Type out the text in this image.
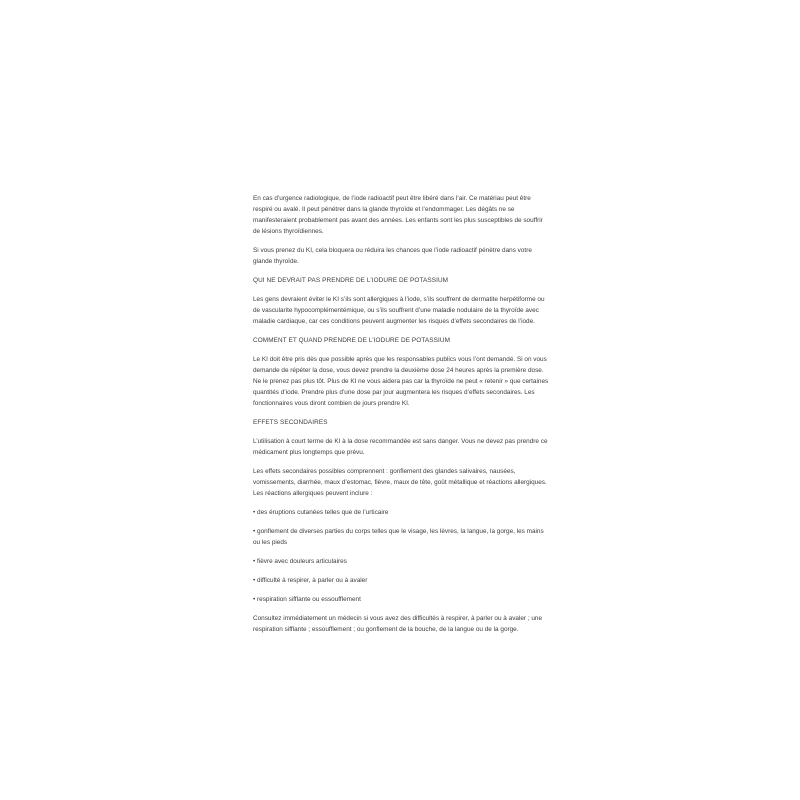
En cas d’urgence radiologique, de l’iode radioactif peut être libéré dans l’air. Ce matériau peut être respiré ou avalé. Il peut pénétrer dans la glande thyroïde et l’endommager. Les dégâts ne se manifesteraient probablement pas avant des années. Les enfants sont les plus susceptibles de souffrir de lésions thyroïdiennes.

Si vous prenez du KI, cela bloquera ou réduira les chances que l’iode radioactif pénètre dans votre glande thyroïde.

QUI NE DEVRAIT PAS PRENDRE DE L’IODURE DE POTASSIUM

Les gens devraient éviter le KI s’ils sont allergiques à l’iode, s’ils souffrent de dermatite herpétiforme ou de vascularite hypocomplémentémique, ou s’ils souffrent d’une maladie nodulaire de la thyroïde avec maladie cardiaque, car ces conditions peuvent augmenter les risques d’effets secondaires de l’iode.

COMMENT ET QUAND PRENDRE DE L’IODURE DE POTASSIUM

Le KI doit être pris dès que possible après que les responsables publics vous l’ont demandé. Si on vous demande de répéter la dose, vous devez prendre la deuxième dose 24 heures après la première dose. Ne le prenez pas plus tôt. Plus de KI ne vous aidera pas car la thyroïde ne peut « retenir » que certaines quantités d’iode. Prendre plus d’une dose par jour augmentera les risques d’effets secondaires. Les fonctionnaires vous diront combien de jours prendre KI.

EFFETS SECONDAIRES

L’utilisation à court terme de KI à la dose recommandée est sans danger. Vous ne devez pas prendre ce médicament plus longtemps que prévu.

Les effets secondaires possibles comprennent : gonflement des glandes salivaires, nausées, vomissements, diarrhée, maux d’estomac, fièvre, maux de tête, goût métallique et réactions allergiques. Les réactions allergiques peuvent inclure :

• des éruptions cutanées telles que de l’urticaire

• gonflement de diverses parties du corps telles que le visage, les lèvres, la langue, la gorge, les mains ou les pieds

• fièvre avec douleurs articulaires

• difficulté à respirer, à parler ou à avaler

• respiration sifflante ou essoufflement

Consultez immédiatement un médecin si vous avez des difficultés à respirer, à parler ou à avaler ; une respiration sifflante ; essoufflement ; ou gonflement de la bouche, de la langue ou de la gorge.
